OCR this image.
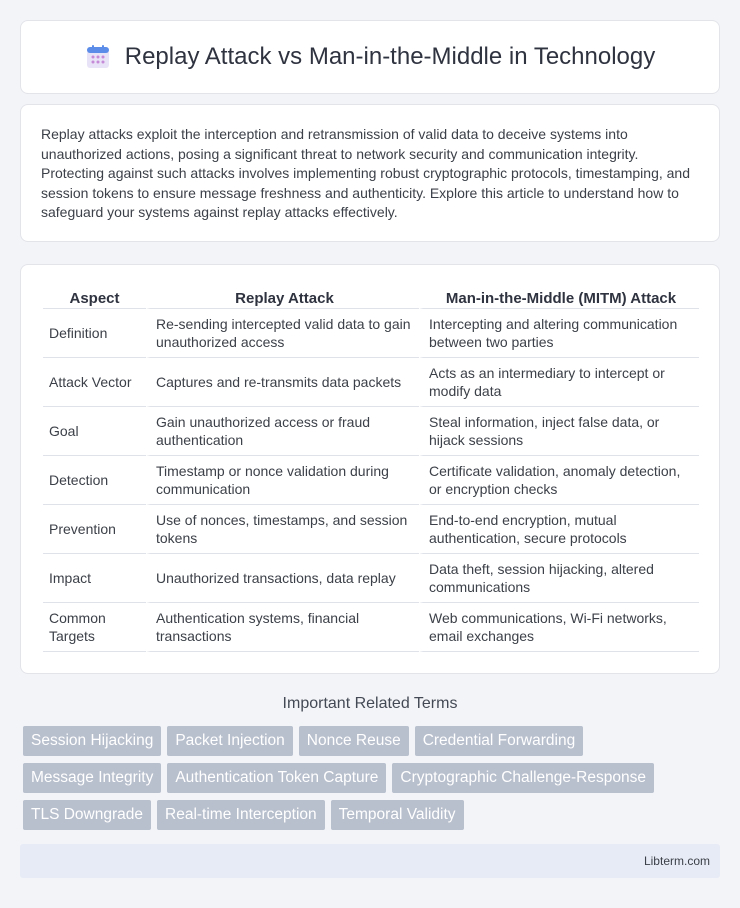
Replay Attack vs Man-in-the-Middle in Technology

Replay attacks exploit the interception and retransmission of valid data to deceive systems into unauthorized actions, posing a significant threat to network security and communication integrity. Protecting against such attacks involves implementing robust cryptographic protocols, timestamping, and session tokens to ensure message freshness and authenticity. Explore this article to understand how to safeguard your systems against replay attacks effectively.

Aspect	Replay Attack	Man-in-the-Middle (MITM) Attack
Definition	Re-sending intercepted valid data to gain unauthorized access	Intercepting and altering communication between two parties
Attack Vector	Captures and re-transmits data packets	Acts as an intermediary to intercept or modify data
Goal	Gain unauthorized access or fraud authentication	Steal information, inject false data, or hijack sessions
Detection	Timestamp or nonce validation during communication	Certificate validation, anomaly detection, or encryption checks
Prevention	Use of nonces, timestamps, and session tokens	End-to-end encryption, mutual authentication, secure protocols
Impact	Unauthorized transactions, data replay	Data theft, session hijacking, altered communications
Common Targets	Authentication systems, financial transactions	Web communications, Wi-Fi networks, email exchanges
Important Related Terms
Session Hijacking	Packet Injection	Nonce Reuse	Credential Forwarding
Message Integrity	Authentication Token Capture	Cryptographic Challenge-Response
TLS Downgrade	Real-time Interception	Temporal Validity
Libterm.com
